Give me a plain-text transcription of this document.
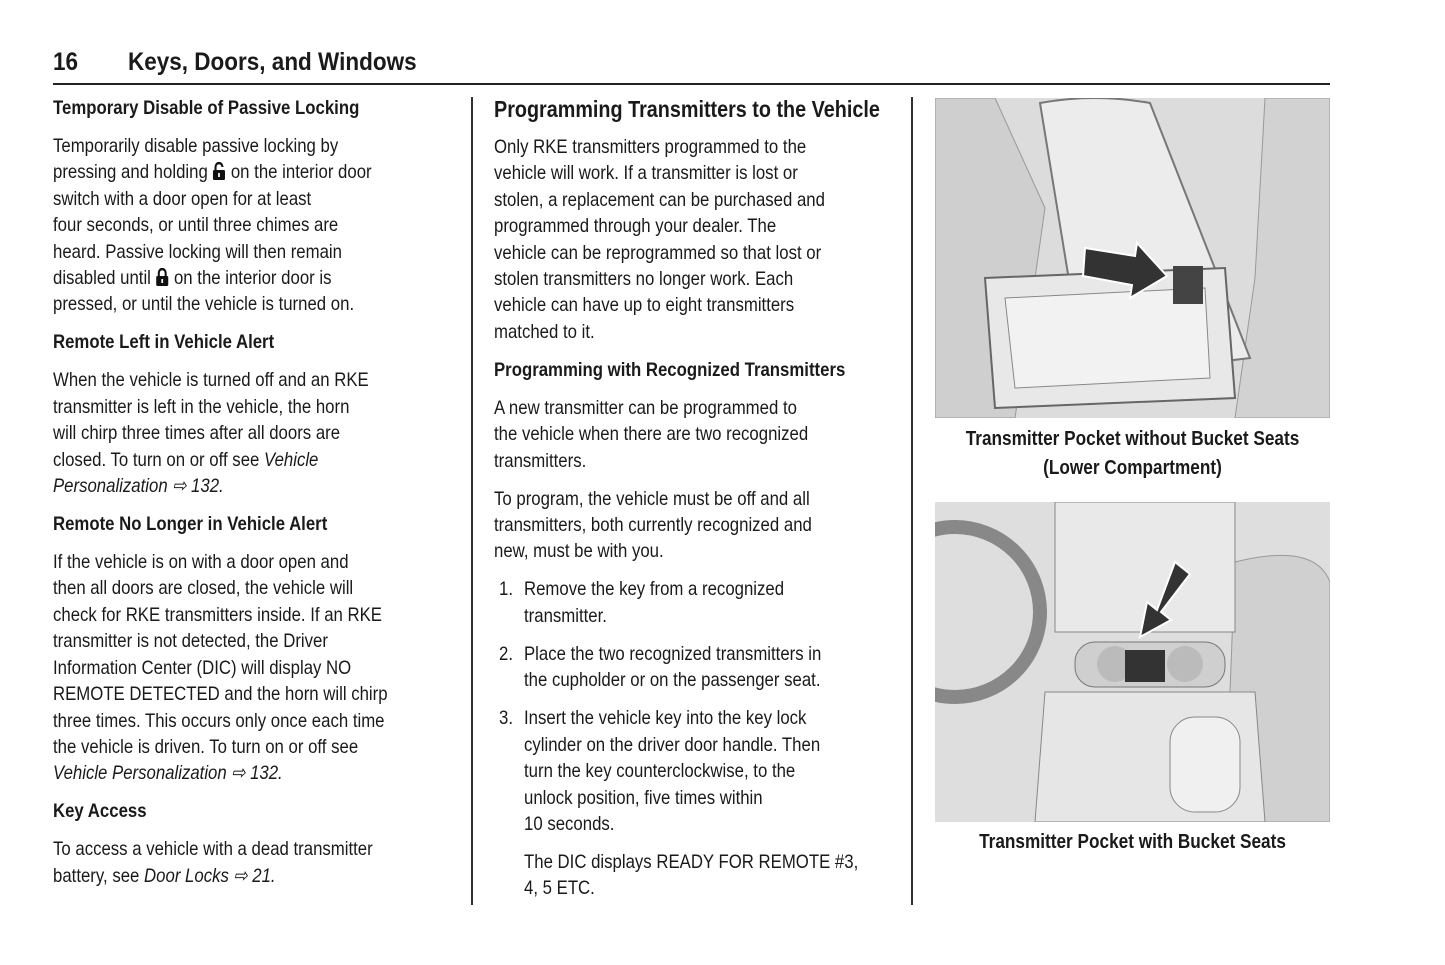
16 Keys, Doors, and Windows
Temporary Disable of Passive Locking
Temporarily disable passive locking by
pressing and holding  on the interior door
switch with a door open for at least
four seconds, or until three chimes are
heard. Passive locking will then remain
disabled until  on the interior door is
pressed, or until the vehicle is turned on.
Remote Left in Vehicle Alert
When the vehicle is turned off and an RKE
transmitter is left in the vehicle, the horn
will chirp three times after all doors are
closed. To turn on or off see Vehicle
Personalization ⇨ 132.
Remote No Longer in Vehicle Alert
If the vehicle is on with a door open and
then all doors are closed, the vehicle will
check for RKE transmitters inside. If an RKE
transmitter is not detected, the Driver
Information Center (DIC) will display NO
REMOTE DETECTED and the horn will chirp
three times. This occurs only once each time
the vehicle is driven. To turn on or off see
Vehicle Personalization ⇨ 132.
Key Access
To access a vehicle with a dead transmitter
battery, see Door Locks ⇨ 21.
Programming Transmitters to the Vehicle
Only RKE transmitters programmed to the
vehicle will work. If a transmitter is lost or
stolen, a replacement can be purchased and
programmed through your dealer. The
vehicle can be reprogrammed so that lost or
stolen transmitters no longer work. Each
vehicle can have up to eight transmitters
matched to it.
Programming with Recognized Transmitters
A new transmitter can be programmed to
the vehicle when there are two recognized
transmitters.
To program, the vehicle must be off and all
transmitters, both currently recognized and
new, must be with you.
1. Remove the key from a recognized
transmitter.
2. Place the two recognized transmitters in
the cupholder or on the passenger seat.
3. Insert the vehicle key into the key lock
cylinder on the driver door handle. Then
turn the key counterclockwise, to the
unlock position, five times within
10 seconds.
The DIC displays READY FOR REMOTE #3,
4, 5 ETC.
Transmitter Pocket without Bucket Seats
(Lower Compartment)
Transmitter Pocket with Bucket Seats
